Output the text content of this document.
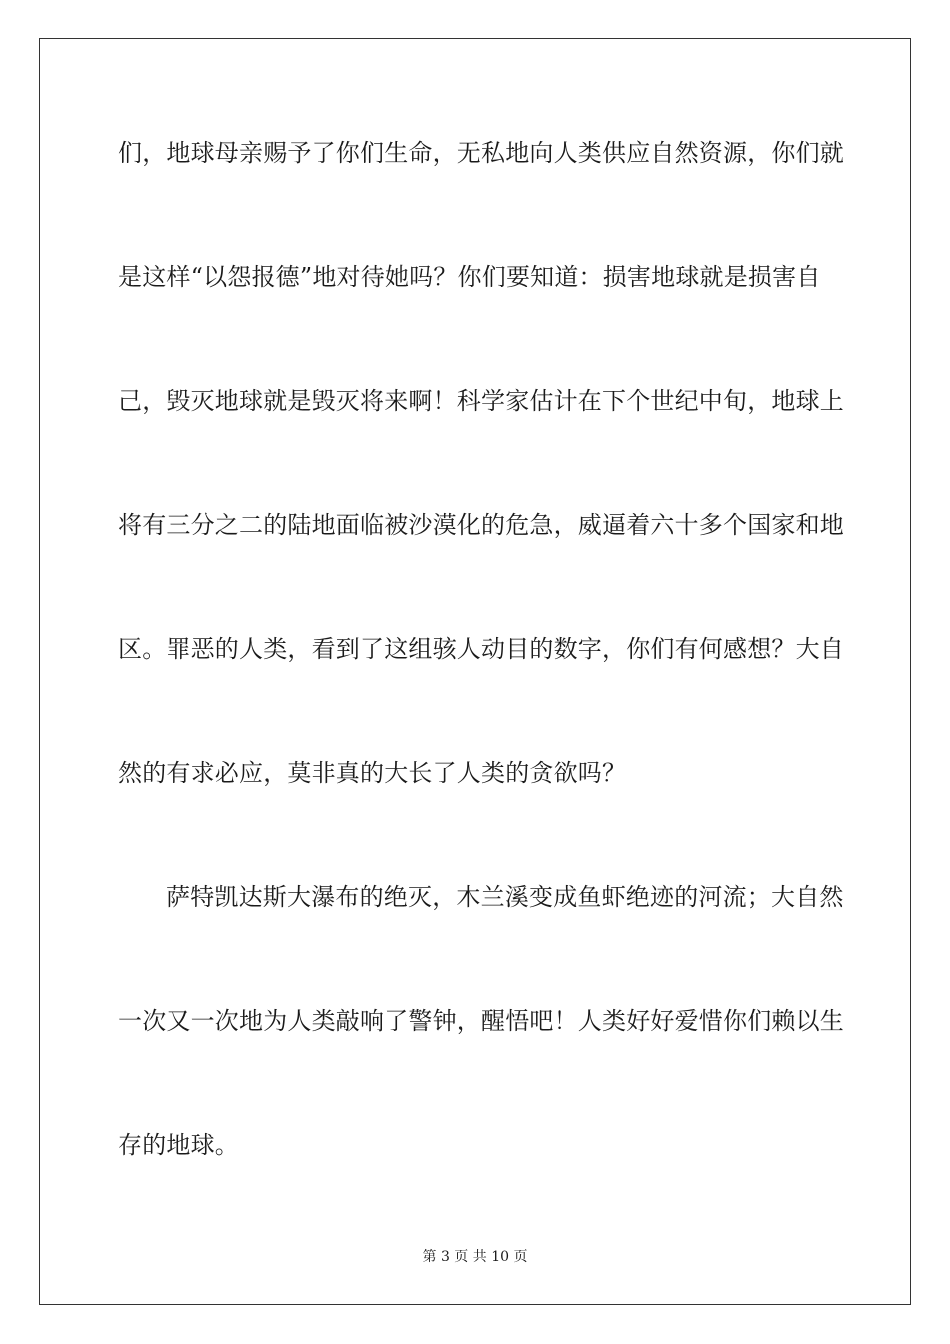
们，地球母亲赐予了你们生命，无私地向人类供应自然资源，你们就
是这样“以怨报德”地对待她吗？你们要知道：损害地球就是损害自
己，毁灭地球就是毁灭将来啊！科学家估计在下个世纪中旬，地球上
将有三分之二的陆地面临被沙漠化的危急，威逼着六十多个国家和地
区。罪恶的人类，看到了这组骇人动目的数字，你们有何感想？大自
然的有求必应，莫非真的大长了人类的贪欲吗？
萨特凯达斯大瀑布的绝灭，木兰溪变成鱼虾绝迹的河流；大自然
一次又一次地为人类敲响了警钟，醒悟吧！人类好好爱惜你们赖以生
存的地球。
第 3 页 共 10 页
